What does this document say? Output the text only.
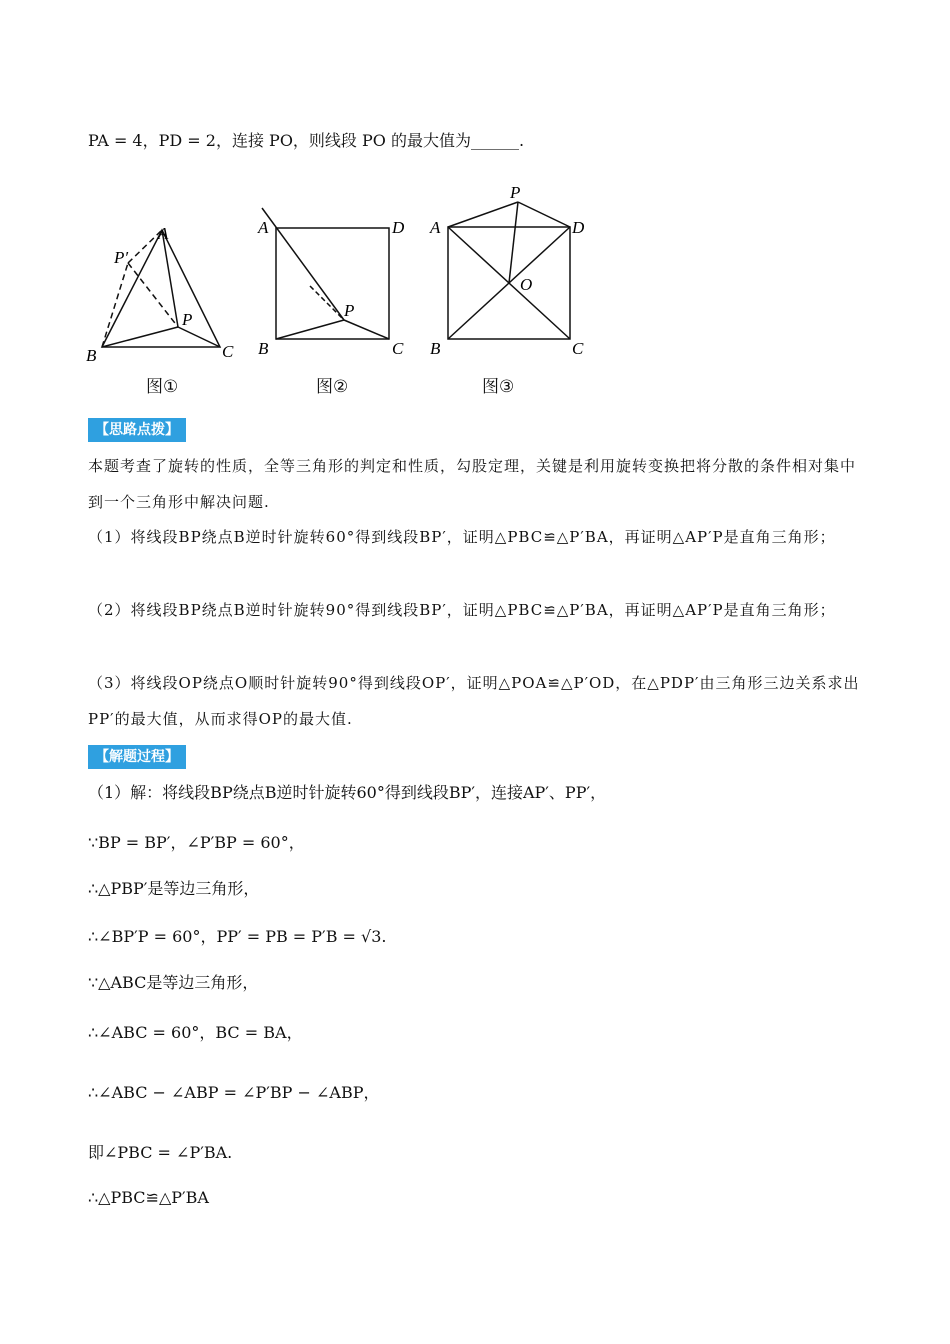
PA = 4，PD = 2，连接 PO，则线段 PO 的最大值为______.
A
P′
P
B	C
图①
A	D
P
B	C
图②
P
A	D
O
B	C
图③
【思路点拨】
本题考查了旋转的性质，全等三角形的判定和性质，勾股定理，关键是利用旋转变换把将分散的条件相对集中到一个三角形中解决问题.
（1）将线段BP绕点B逆时针旋转60°得到线段BP′，证明△PBC≌△P′BA，再证明△AP′P是直角三角形；
（2）将线段BP绕点B逆时针旋转90°得到线段BP′，证明△PBC≌△P′BA，再证明△AP′P是直角三角形；
（3）将线段OP绕点O顺时针旋转90°得到线段OP′，证明△POA≌△P′OD，在△PDP′由三角形三边关系求出PP′的最大值，从而求得OP的最大值.
【解题过程】
（1）解：将线段BP绕点B逆时针旋转60°得到线段BP′，连接AP′、PP′，
∵BP = BP′，∠P′BP = 60°，
∴△PBP′是等边三角形，
∴∠BP′P = 60°，PP′ = PB = P′B = √3.
∵△ABC是等边三角形，
∴∠ABC = 60°，BC = BA，
∴∠ABC − ∠ABP = ∠P′BP − ∠ABP，
即∠PBC = ∠P′BA.
∴△PBC≌△P′BA
